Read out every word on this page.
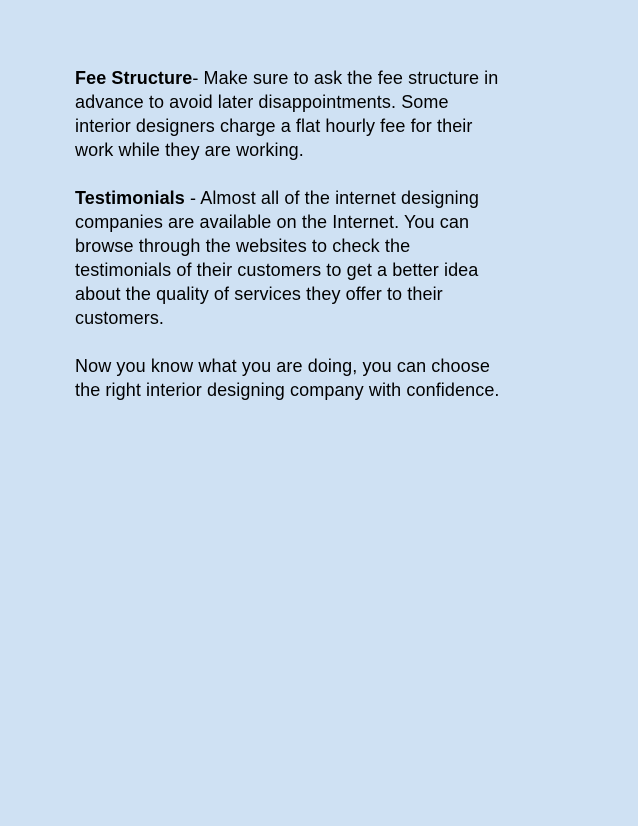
Fee Structure- Make sure to ask the fee structure in
advance to avoid later disappointments. Some
interior designers charge a flat hourly fee for their
work while they are working.

Testimonials - Almost all of the internet designing
companies are available on the Internet. You can
browse through the websites to check the
testimonials of their customers to get a better idea
about the quality of services they offer to their
customers.

Now you know what you are doing, you can choose
the right interior designing company with confidence.
